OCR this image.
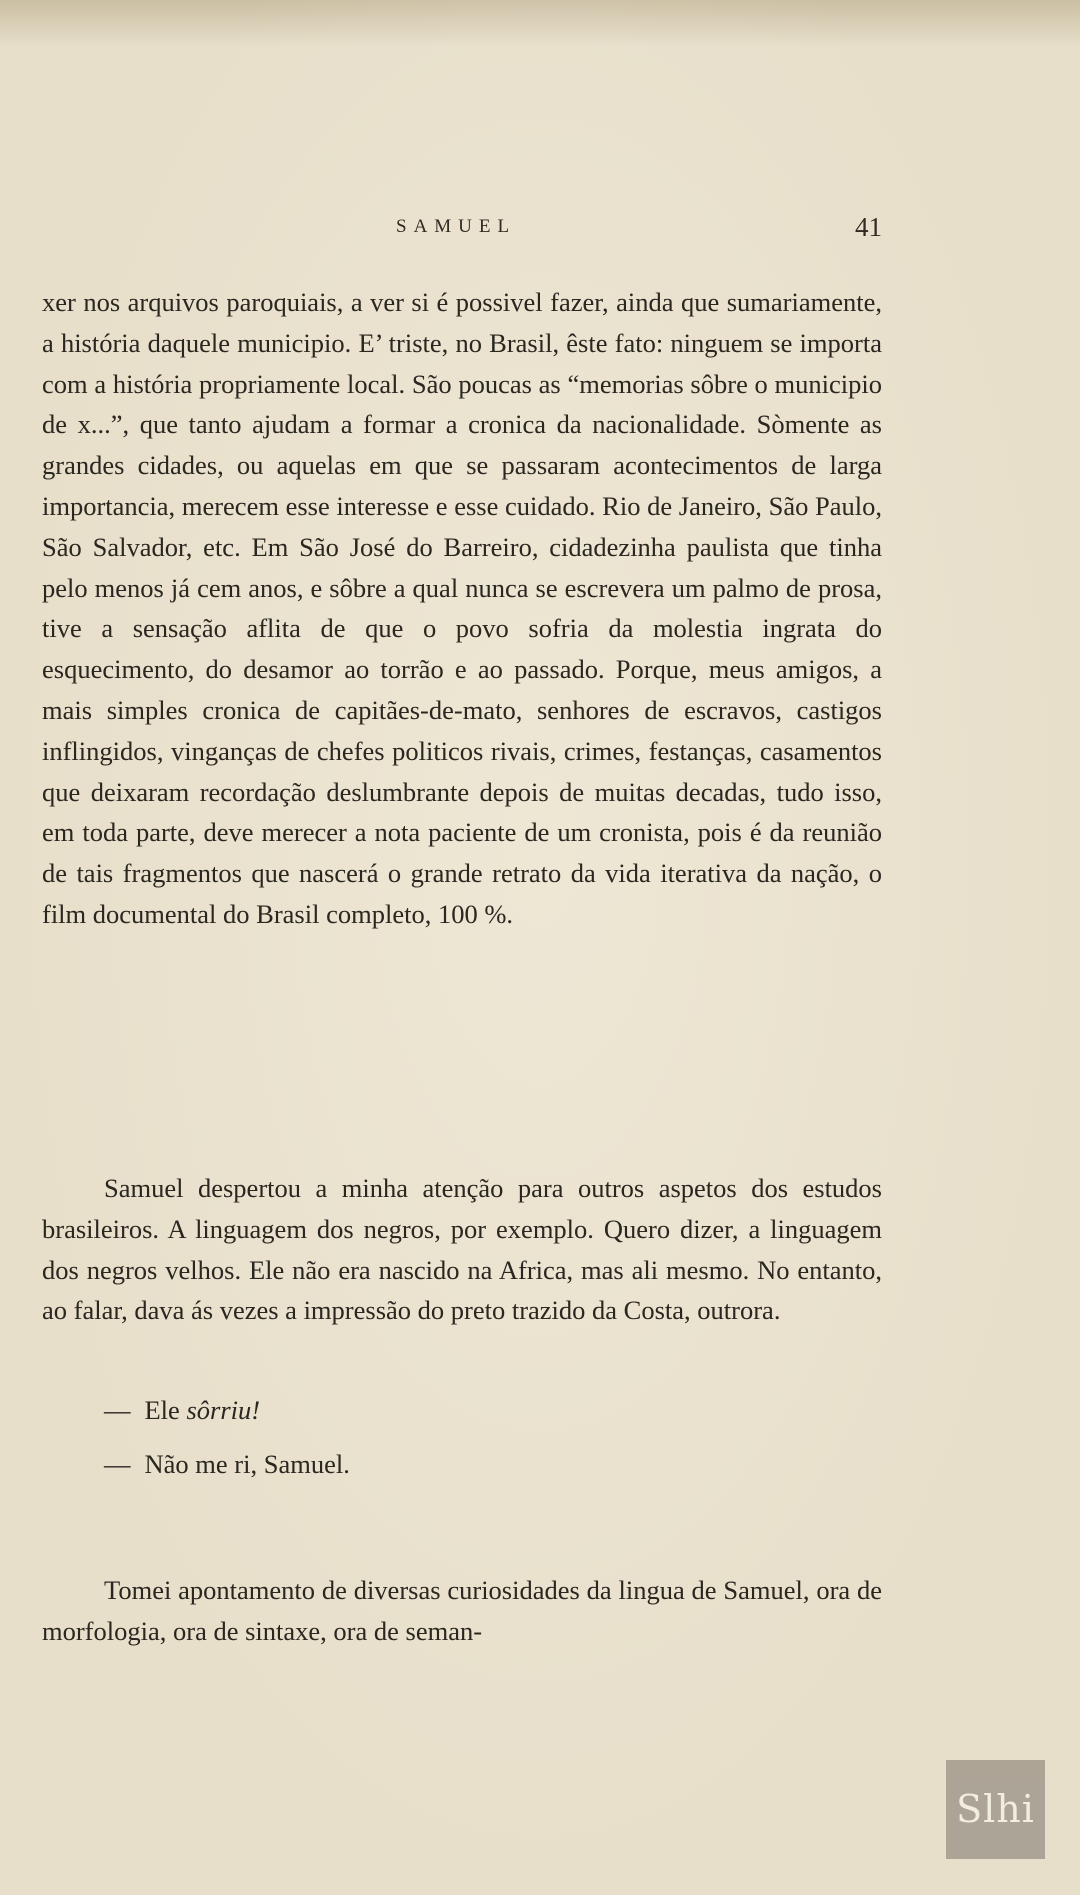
SAMUEL	41

xer nos arquivos paroquiais, a ver si é possivel fazer, ainda que sumariamente, a história daquele municipio. E’ triste, no Brasil, êste fato: ninguem se importa com a história propriamente local. São poucas as “memorias sôbre o municipio de x...”, que tanto ajudam a formar a cronica da nacionalidade. Sòmente as grandes cidades, ou aquelas em que se passaram acontecimentos de larga importancia, merecem esse interesse e esse cuidado. Rio de Janeiro, São Paulo, São Salvador, etc. Em São José do Barreiro, cidadezinha paulista que tinha pelo menos já cem anos, e sôbre a qual nunca se escrevera um palmo de prosa, tive a sensação aflita de que o povo sofria da molestia ingrata do esquecimento, do desamor ao torrão e ao passado. Porque, meus amigos, a mais simples cronica de capitães-de-mato, senhores de escravos, castigos inflingidos, vinganças de chefes politicos rivais, crimes, festanças, casamentos que deixaram recordação deslumbrante depois de muitas decadas, tudo isso, em toda parte, deve merecer a nota paciente de um cronista, pois é da reunião de tais fragmentos que nascerá o grande retrato da vida iterativa da nação, o film documental do Brasil completo, 100 %.

Samuel despertou a minha atenção para outros aspetos dos estudos brasileiros. A linguagem dos negros, por exemplo. Quero dizer, a linguagem dos negros velhos. Ele não era nascido na Africa, mas ali mesmo. No entanto, ao falar, dava ás vezes a impressão do preto trazido da Costa, outrora.

— Ele sôrriu!
— Não me ri, Samuel.

Tomei apontamento de diversas curiosidades da lingua de Samuel, ora de morfologia, ora de sintaxe, ora de seman-

Slhi
